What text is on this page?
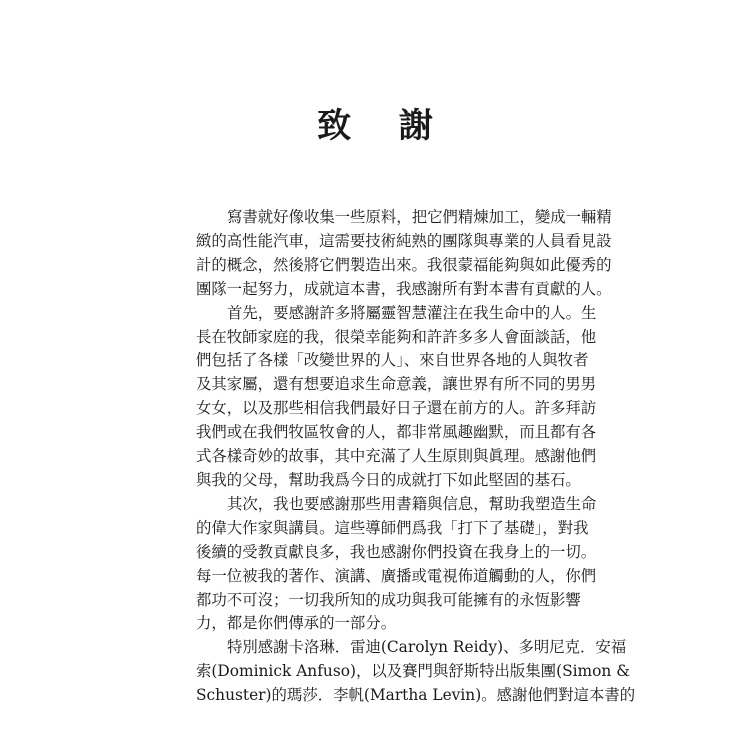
致 謝
寫書就好像收集一些原料，把它們精煉加工，變成一輛精
緻的高性能汽車，這需要技術純熟的團隊與專業的人員看見設
計的概念，然後將它們製造出來。我很蒙福能夠與如此優秀的
團隊一起努力，成就這本書，我感謝所有對本書有貢獻的人。
首先，要感謝許多將屬靈智慧灌注在我生命中的人。生
長在牧師家庭的我，很榮幸能夠和許許多多人會面談話，他
們包括了各樣「改變世界的人」、來自世界各地的人與牧者
及其家屬，還有想要追求生命意義，讓世界有所不同的男男
女女，以及那些相信我們最好日子還在前方的人。許多拜訪
我們或在我們牧區牧會的人，都非常風趣幽默，而且都有各
式各樣奇妙的故事，其中充滿了人生原則與眞理。感謝他們
與我的父母，幫助我爲今日的成就打下如此堅固的基石。
其次，我也要感謝那些用書籍與信息，幫助我塑造生命
的偉大作家與講員。這些導師們爲我「打下了基礎」，對我
後續的受教貢獻良多，我也感謝你們投資在我身上的一切。
每一位被我的著作、演講、廣播或電視佈道觸動的人，你們
都功不可沒；一切我所知的成功與我可能擁有的永恆影響
力，都是你們傳承的一部分。
特別感謝卡洛琳．雷迪(Carolyn Reidy)、多明尼克．安福
索(Dominick Anfuso)，以及賽門與舒斯特出版集團(Simon &
Schuster)的瑪莎．李帆(Martha Levin)。感謝他們對這本書的
